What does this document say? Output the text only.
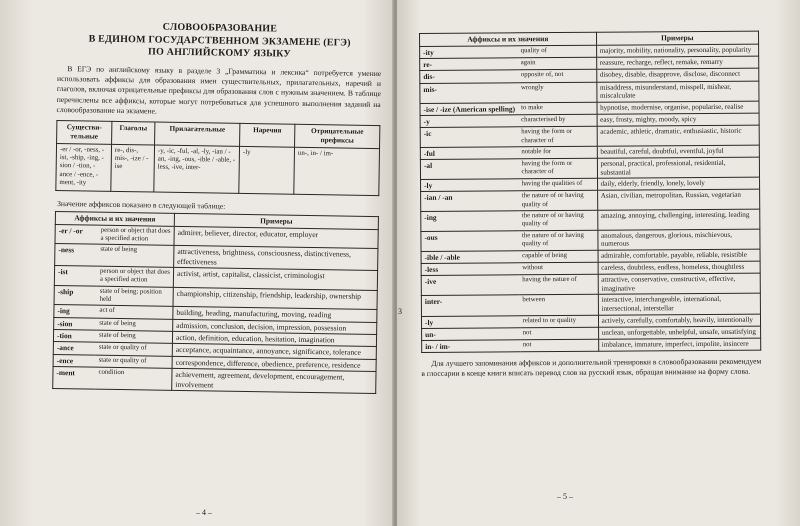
СЛОВООБРАЗОВАНИЕ
В ЕДИНОМ ГОСУДАРСТВЕННОМ ЭКЗАМЕНЕ (ЕГЭ)
ПО АНГЛИЙСКОМУ ЯЗЫКУ

В ЕГЭ по английскому языку в разделе 3 „Грамматика и лексика“ потребуется умение использовать аффиксы для образования имен существительных, прилагательных, наречий и глаголов, включая отрицательные префиксы для образования слов с нужным значением. В таблице перечислены все аффиксы, которые могут потребоваться для успешного выполнения заданий на словообразование на экзамене.

Существи-тельные	Глаголы	Прилагательные	Наречия	Отрицательные префиксы
-er / -or, -ness, -ist, -ship, -ing, -sion / -tion, -ance / -ence, -ment, -ity	re-, dis-, mis-, -ize / -ise	-y, -ic, -ful, -al, -ly, -ian / -an, -ing, -ous, -ible / -able, -less, -ive, inter-	-ly	un-, in- / im-

Значение аффиксов показано в следующей таблице:

Аффиксы и их значения		Примеры
-er / -or	person or object that does a specified action	admirer, believer, director, educator, employer
-ness	state of being	attractiveness, brightness, consciousness, distinctiveness, effectiveness
-ist	person or object that does a specified action	activist, artist, capitalist, classicist, criminologist
-ship	state of being; position held	championship, citizenship, friendship, leadership, ownership
-ing	act of	building, heading, manufacturing, moving, reading
-sion	state of being	admission, conclusion, decision, impression, possession
-tion	state of being	action, definition, education, hesitation, imagination
-ance	state or quality of	acceptance, acquaintance, annoyance, significance, tolerance
-ence	state or quality of	correspondence, difference, obedience, preference, residence
-ment	condition	achievement, agreement, development, encouragement, involvement
– 4 –
Аффиксы и их значения		Примеры
-ity	quality of	majority, mobility, nationality, personality, popularity
re-	again	reassure, recharge, reflect, remake, remarry
dis-	opposite of, not	disobey, disable, disapprove, disclose, disconnect
mis-	wrongly	misaddress, misunderstand, misspell, mishear, miscalculate
-ise / -ize (American spelling)	to make	hypnotise, modernise, organise, popularise, realise
-y	characterised by	easy, frosty, mighty, moody, spicy
-ic	having the form or character of	academic, athletic, dramatic, enthusiastic, historic
-ful	notable for	beautiful, careful, doubtful, eventful, joyful
-al	having the form or character of	personal, practical, professional, residential, substantial
-ly	having the qualities of	daily, elderly, friendly, lonely, lovely
-ian / -an	the nature of or having quality of	Asian, civilian, metropolitan, Russian, vegetarian
-ing	the nature of or having quality of	amazing, annoying, challenging, interesting, leading
-ous	the nature of or having quality of	anomalous, dangerous, glorious, mischievous, numerous
-ible / -able	capable of being	admirable, comfortable, payable, reliable, resistible
-less	without	careless, doubtless, endless, homeless, thoughtless
-ive	having the nature of	attractive, conservative, constructive, effective, imaginative
inter-	between	interactive, interchangeable, international, intersectional, interstellar
-ly	related to or quality	actively, carefully, comfortably, heavily, intentionally
un-	not	unclean, unforgettable, unhelpful, unsafe, unsatisfying
in- / im-	not	imbalance, immature, imperfect, impolite, insincere

Для лучшего запоминания аффиксов и дополнительной тренировки в словообразовании рекомендуем в глоссарии в конце книги вписать перевод слов на русский язык, обращая внимание на форму слова.

– 5 –
3
